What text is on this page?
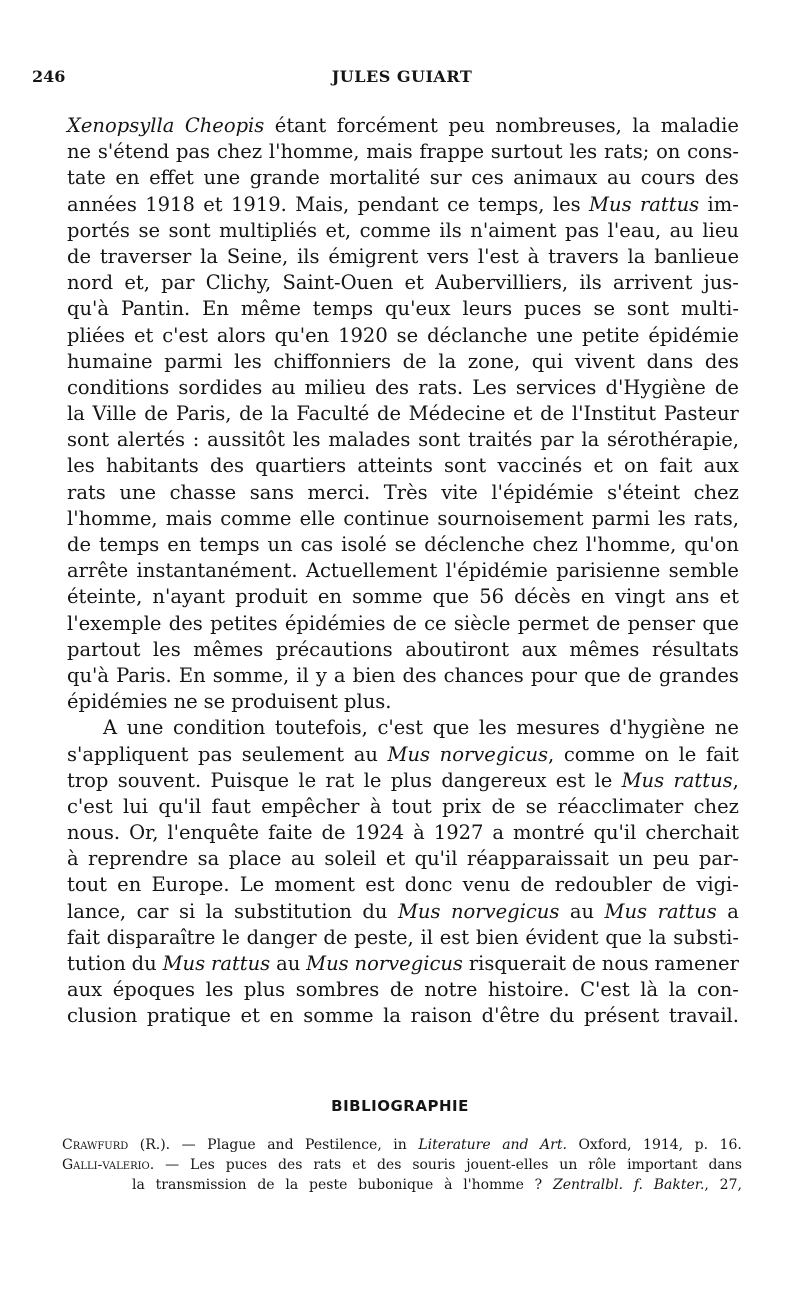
246	JULES GUIART
Xenopsylla Cheopis étant forcément peu nombreuses, la maladie
ne s'étend pas chez l'homme, mais frappe surtout les rats; on cons-
tate en effet une grande mortalité sur ces animaux au cours des
années 1918 et 1919. Mais, pendant ce temps, les Mus rattus im-
portés se sont multipliés et, comme ils n'aiment pas l'eau, au lieu
de traverser la Seine, ils émigrent vers l'est à travers la banlieue
nord et, par Clichy, Saint-Ouen et Aubervilliers, ils arrivent jus-
qu'à Pantin. En même temps qu'eux leurs puces se sont multi-
pliées et c'est alors qu'en 1920 se déclanche une petite épidémie
humaine parmi les chiffonniers de la zone, qui vivent dans des
conditions sordides au milieu des rats. Les services d'Hygiène de
la Ville de Paris, de la Faculté de Médecine et de l'Institut Pasteur
sont alertés : aussitôt les malades sont traités par la sérothérapie,
les habitants des quartiers atteints sont vaccinés et on fait aux
rats une chasse sans merci. Très vite l'épidémie s'éteint chez
l'homme, mais comme elle continue sournoisement parmi les rats,
de temps en temps un cas isolé se déclenche chez l'homme, qu'on
arrête instantanément. Actuellement l'épidémie parisienne semble
éteinte, n'ayant produit en somme que 56 décès en vingt ans et
l'exemple des petites épidémies de ce siècle permet de penser que
partout les mêmes précautions aboutiront aux mêmes résultats
qu'à Paris. En somme, il y a bien des chances pour que de grandes
épidémies ne se produisent plus.
A une condition toutefois, c'est que les mesures d'hygiène ne
s'appliquent pas seulement au Mus norvegicus, comme on le fait
trop souvent. Puisque le rat le plus dangereux est le Mus rattus,
c'est lui qu'il faut empêcher à tout prix de se réacclimater chez
nous. Or, l'enquête faite de 1924 à 1927 a montré qu'il cherchait
à reprendre sa place au soleil et qu'il réapparaissait un peu par-
tout en Europe. Le moment est donc venu de redoubler de vigi-
lance, car si la substitution du Mus norvegicus au Mus rattus a
fait disparaître le danger de peste, il est bien évident que la substi-
tution du Mus rattus au Mus norvegicus risquerait de nous ramener
aux époques les plus sombres de notre histoire. C'est là la con-
clusion pratique et en somme la raison d'être du présent travail.
BIBLIOGRAPHIE
Crawfurd (R.). — Plague and Pestilence, in Literature and Art. Oxford, 1914, p. 16.
Galli-valerio. — Les puces des rats et des souris jouent-elles un rôle important dans
la transmission de la peste bubonique à l'homme ? Zentralbl. f. Bakter., 27,
